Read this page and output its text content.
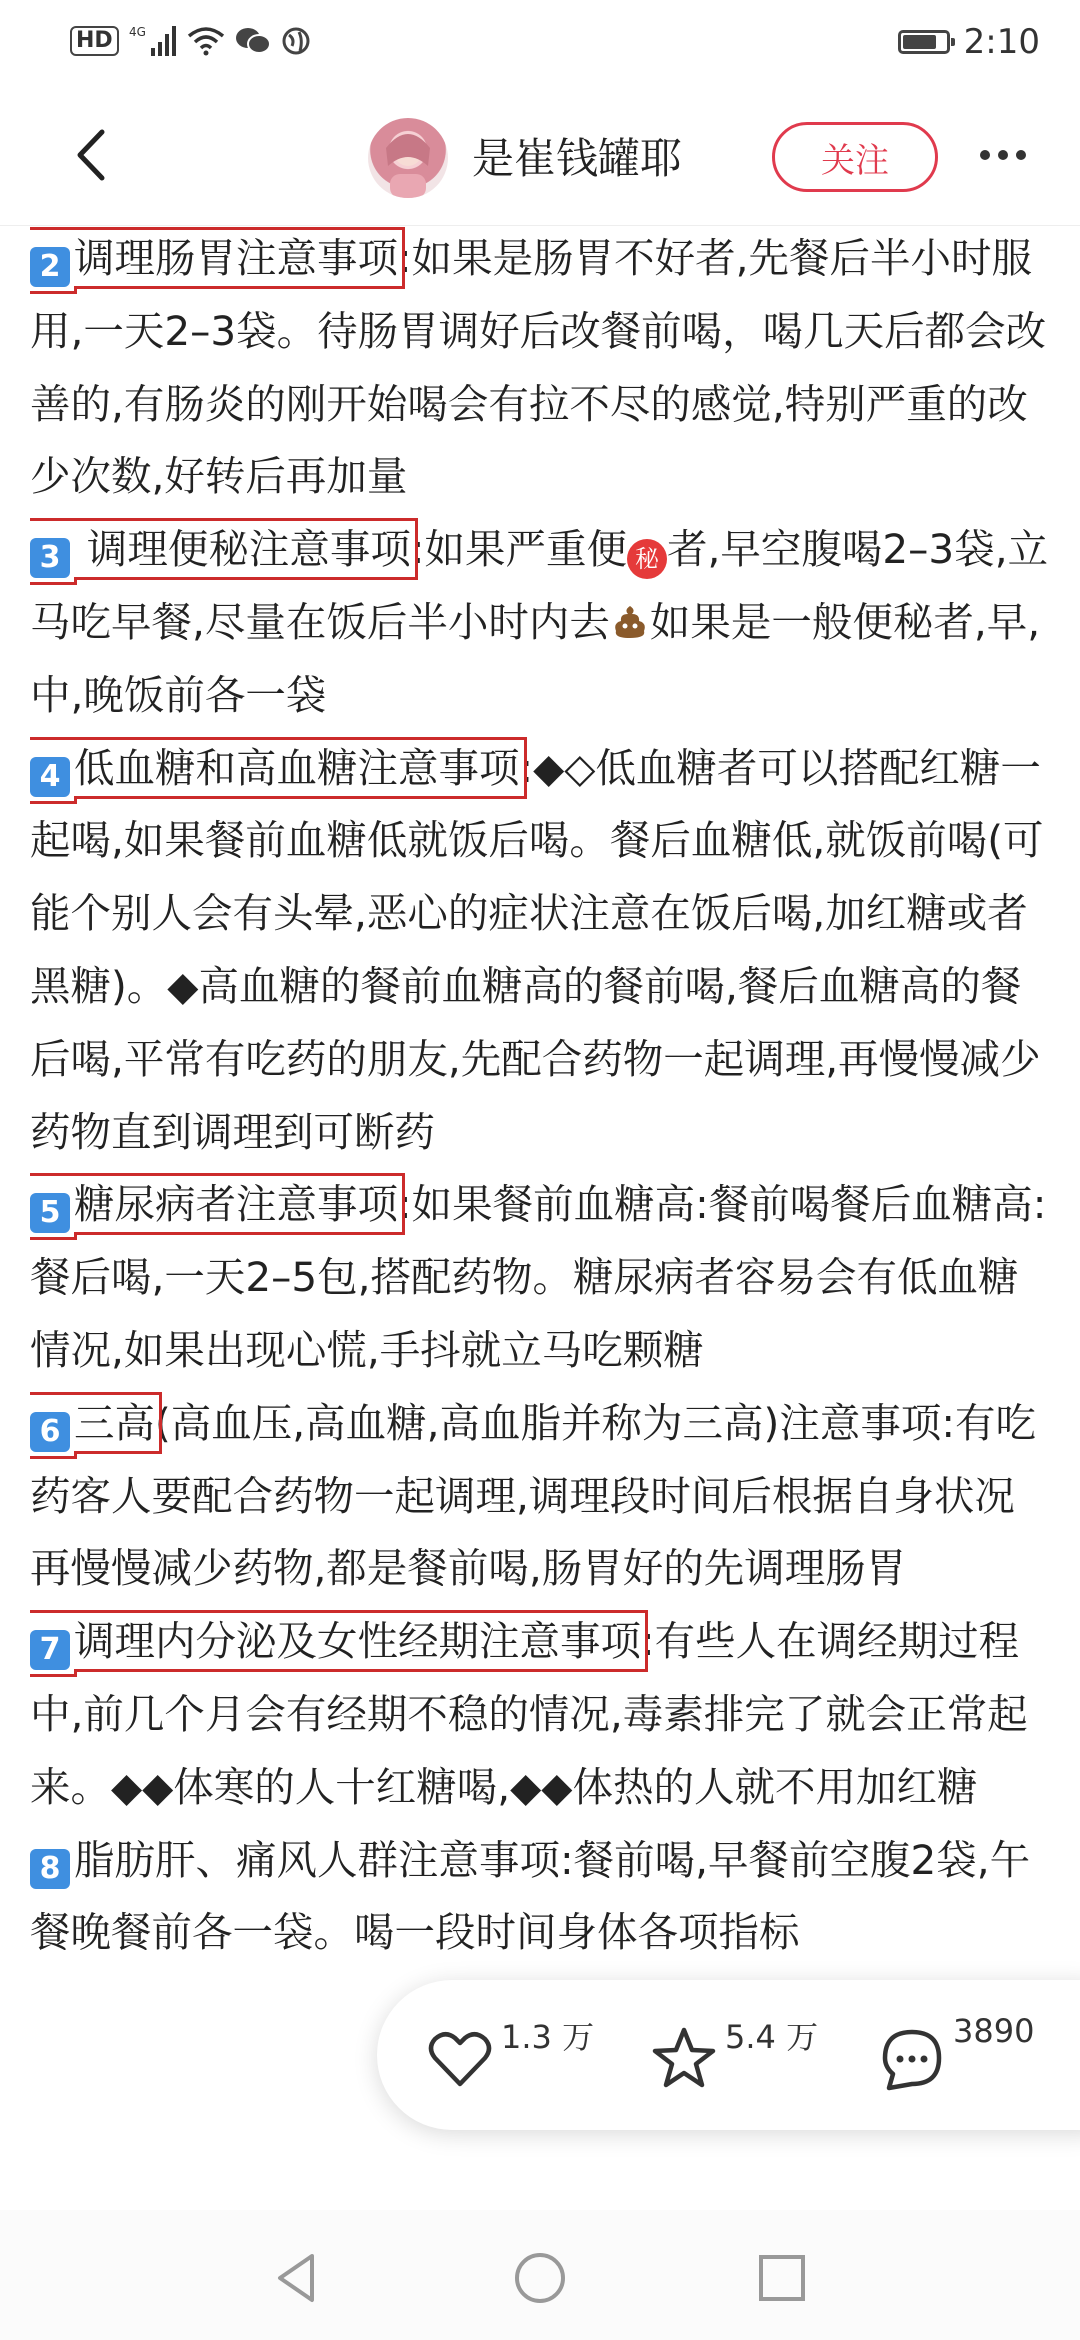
HD	4G	2:10
是崔钱罐耶	关注

2 调理肠胃注意事项:如果是肠胃不好者,先餐后半小时服用,一天2–3袋。待肠胃调好后改餐前喝，喝几天后都会改善的,有肠炎的刚开始喝会有拉不尽的感觉,特别严重的改少次数,好转后再加量

3 调理便秘注意事项:如果严重便 秘 者,早空腹喝2–3袋,立马吃早餐,尽量在饭后半小时内去 如果是一般便秘者,早,中,晚饭前各一袋

4 低血糖和高血糖注意事项:◆◇低血糖者可以搭配红糖一起喝,如果餐前血糖低就饭后喝。餐后血糖低,就饭前喝(可能个别人会有头晕,恶心的症状注意在饭后喝,加红糖或者黑糖)。◆高血糖的餐前血糖高的餐前喝,餐后血糖高的餐后喝,平常有吃药的朋友,先配合药物一起调理,再慢慢减少药物直到调理到可断药

5 糖尿病者注意事项:如果餐前血糖高:餐前喝餐后血糖高:餐后喝,一天2–5包,搭配药物。糖尿病者容易会有低血糖情况,如果出现心慌,手抖就立马吃颗糖

6 三高(高血压,高血糖,高血脂并称为三高)注意事项:有吃药客人要配合药物一起调理,调理段时间后根据自身状况再慢慢减少药物,都是餐前喝,肠胃好的先调理肠胃

7 调理内分泌及女性经期注意事项:有些人在调经期过程中,前几个月会有经期不稳的情况,毒素排完了就会正常起来。◆◆体寒的人十红糖喝,◆◆体热的人就不用加红糖

8 脂肪肝、痛风人群注意事项:餐前喝,早餐前空腹2袋,午餐晚餐前各一袋。喝一段时间身体各项指标

1.3 万	5.4 万	3890
